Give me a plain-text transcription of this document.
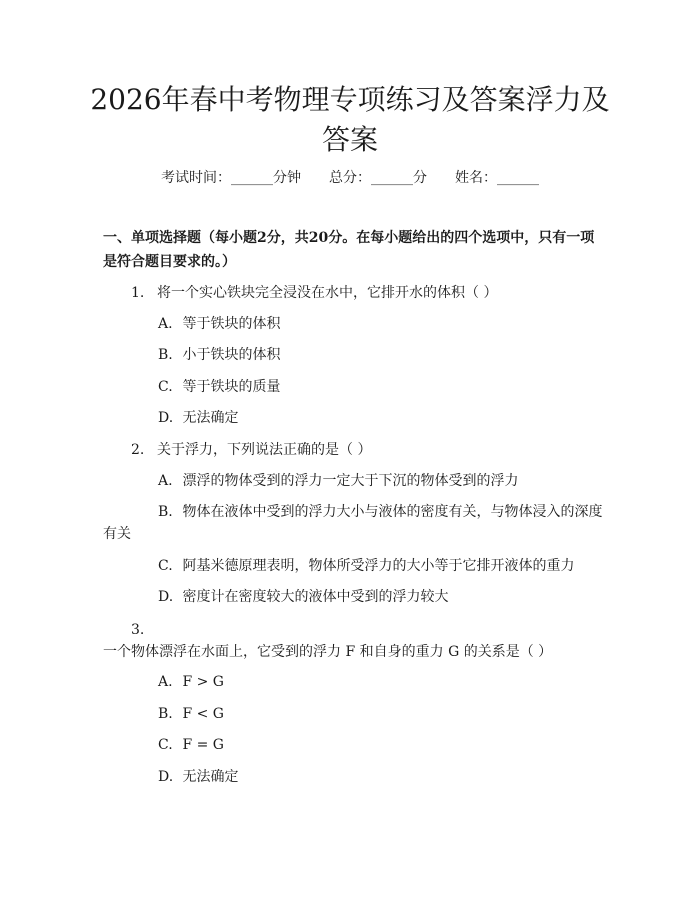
2026年春中考物理专项练习及答案浮力及答案
考试时间：______分钟 总分：______分 姓名：______
一、单项选择题（每小题2分，共20分。在每小题给出的四个选项中，只有一项是符合题目要求的。）
1. 将一个实心铁块完全浸没在水中，它排开水的体积（ ）
A. 等于铁块的体积
B. 小于铁块的体积
C. 等于铁块的质量
D. 无法确定
2. 关于浮力，下列说法正确的是（ ）
A. 漂浮的物体受到的浮力一定大于下沉的物体受到的浮力
B. 物体在液体中受到的浮力大小与液体的密度有关，与物体浸入的深度有关
C. 阿基米德原理表明，物体所受浮力的大小等于它排开液体的重力
D. 密度计在密度较大的液体中受到的浮力较大
3.一个物体漂浮在水面上，它受到的浮力 F 和自身的重力 G 的关系是（ ）
A. F > G
B. F < G
C. F = G
D. 无法确定
